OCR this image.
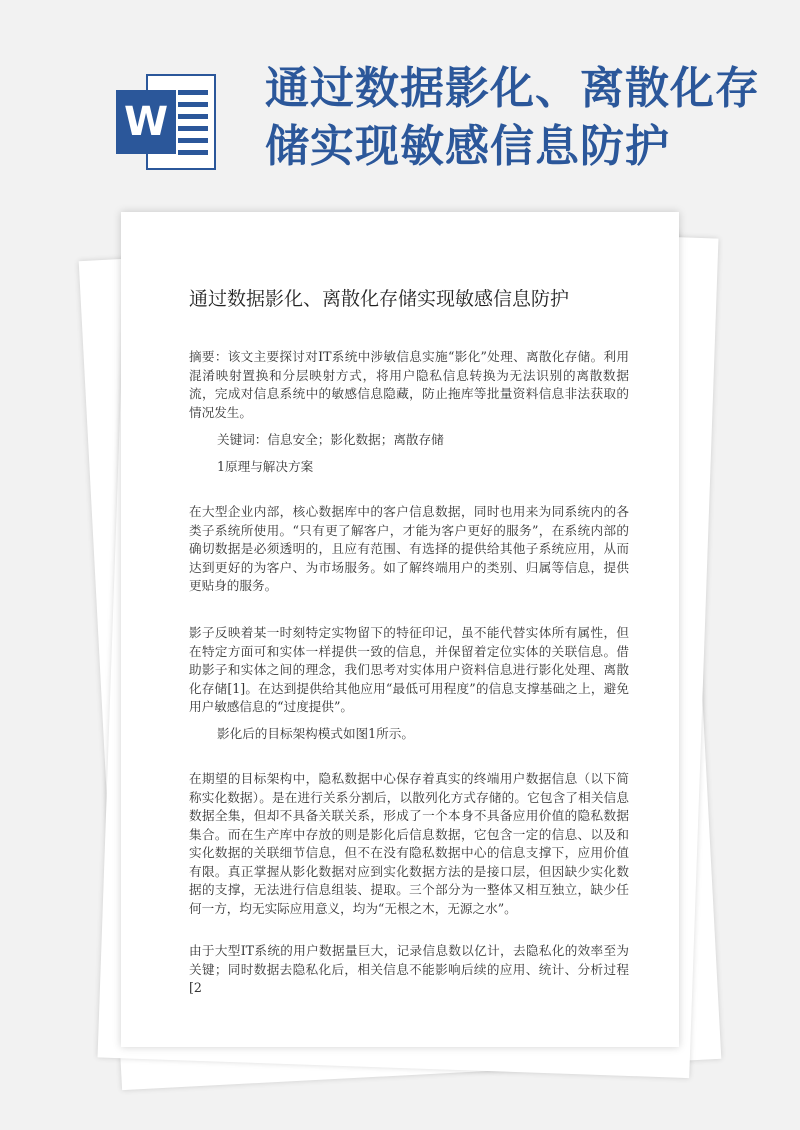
W
通过数据影化、离散化存储实现敏感信息防护
通过数据影化、离散化存储实现敏感信息防护

摘要：该文主要探讨对IT系统中涉敏信息实施“影化”处理、离散化存储。利用混淆映射置换和分层映射方式，将用户隐私信息转换为无法识别的离散数据流，完成对信息系统中的敏感信息隐藏，防止拖库等批量资料信息非法获取的情况发生。

关键词：信息安全；影化数据；离散存储

1原理与解决方案

在大型企业内部，核心数据库中的客户信息数据，同时也用来为同系统内的各类子系统所使用。“只有更了解客户，才能为客户更好的服务”，在系统内部的确切数据是必须透明的，且应有范围、有选择的提供给其他子系统应用，从而达到更好的为客户、为市场服务。如了解终端用户的类别、归属等信息，提供更贴身的服务。

影子反映着某一时刻特定实物留下的特征印记，虽不能代替实体所有属性，但在特定方面可和实体一样提供一致的信息，并保留着定位实体的关联信息。借助影子和实体之间的理念，我们思考对实体用户资料信息进行影化处理、离散化存储[1]。在达到提供给其他应用“最低可用程度”的信息支撑基础之上，避免用户敏感信息的“过度提供”。

影化后的目标架构模式如图1所示。

在期望的目标架构中，隐私数据中心保存着真实的终端用户数据信息（以下简称实化数据）。是在进行关系分割后，以散列化方式存储的。它包含了相关信息数据全集，但却不具备关联关系，形成了一个本身不具备应用价值的隐私数据集合。而在生产库中存放的则是影化后信息数据，它包含一定的信息、以及和实化数据的关联细节信息，但不在没有隐私数据中心的信息支撑下，应用价值有限。真正掌握从影化数据对应到实化数据方法的是接口层，但因缺少实化数据的支撑，无法进行信息组装、提取。三个部分为一整体又相互独立，缺少任何一方，均无实际应用意义，均为“无根之木，无源之水”。

由于大型IT系统的用户数据量巨大，记录信息数以亿计，去隐私化的效率至为关键；同时数据去隐私化后，相关信息不能影响后续的应用、统计、分析过程[2
